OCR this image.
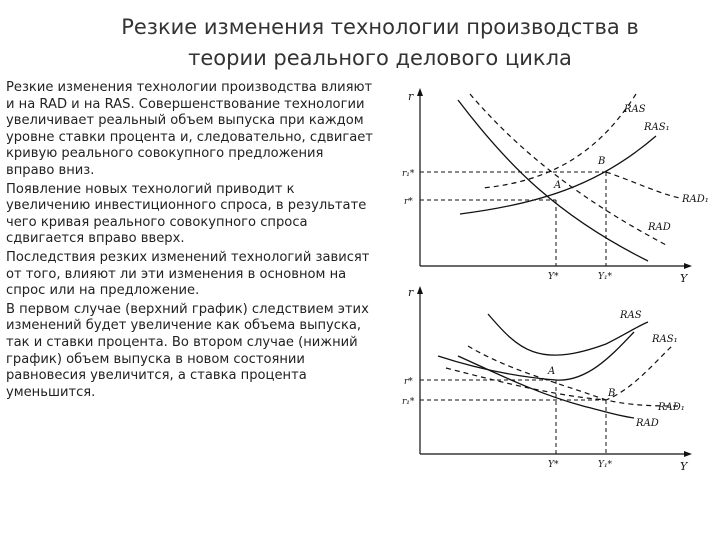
Резкие изменения технологии производства в
теории реального делового цикла

Резкие изменения технологии производства влияют и на RAD и на RAS. Совершенствование технологии увеличивает реальный объем выпуска при каждом уровне ставки процента и, следовательно, сдвигает кривую реального совокупного предложения вправо вниз.

Появление новых технологий приводит к увеличению инвестиционного спроса, в результате чего кривая реального совокупного спроса сдвигается вправо вверх.

Последствия резких изменений технологий зависят от того, влияют ли эти изменения в основном на спрос или на предложение.

В первом случае (верхний график) следствием этих изменений будет увеличение как объема выпуска, так и ставки процента. Во втором случае (нижний график) объем выпуска в новом состоянии равновесия увеличится, а ставка процента уменьшится.

r
Y
r₁*
r*
Y*	Y₁*
A
B
RAS
RAS₁
RAD
RAD₁
r
Y
r*
r₁*
Y*	Y₁*
A
B
RAS
RAS₁
RAD
RAD₁
